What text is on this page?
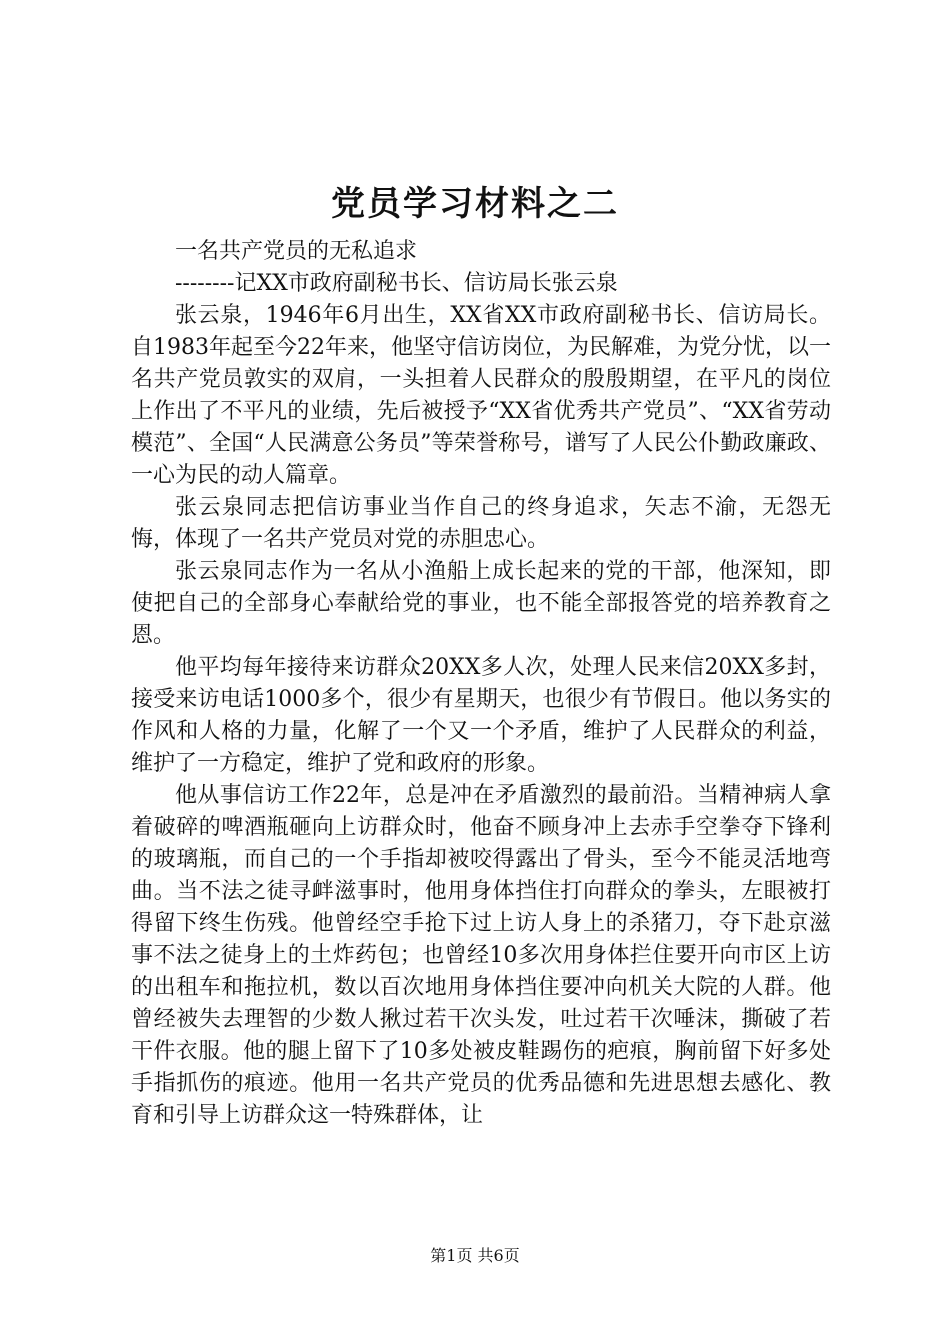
党员学习材料之二
一名共产党员的无私追求
--------记XX市政府副秘书长、信访局长张云泉

张云泉，1946年6月出生，XX省XX市政府副秘书长、信访局长。自1983年起至今22年来，他坚守信访岗位，为民解难，为党分忧，以一名共产党员敦实的双肩，一头担着人民群众的殷殷期望，在平凡的岗位上作出了不平凡的业绩，先后被授予“XX省优秀共产党员”、“XX省劳动模范”、全国“人民满意公务员”等荣誉称号，谱写了人民公仆勤政廉政、一心为民的动人篇章。

张云泉同志把信访事业当作自己的终身追求，矢志不渝，无怨无悔，体现了一名共产党员对党的赤胆忠心。

张云泉同志作为一名从小渔船上成长起来的党的干部，他深知，即使把自己的全部身心奉献给党的事业，也不能全部报答党的培养教育之恩。

他平均每年接待来访群众20XX多人次，处理人民来信20XX多封，接受来访电话1000多个，很少有星期天，也很少有节假日。他以务实的作风和人格的力量，化解了一个又一个矛盾，维护了人民群众的利益，维护了一方稳定，维护了党和政府的形象。

他从事信访工作22年，总是冲在矛盾激烈的最前沿。当精神病人拿着破碎的啤酒瓶砸向上访群众时，他奋不顾身冲上去赤手空拳夺下锋利的玻璃瓶，而自己的一个手指却被咬得露出了骨头，至今不能灵活地弯曲。当不法之徒寻衅滋事时，他用身体挡住打向群众的拳头，左眼被打得留下终生伤残。他曾经空手抢下过上访人身上的杀猪刀，夺下赴京滋事不法之徒身上的土炸药包；也曾经10多次用身体拦住要开向市区上访的出租车和拖拉机，数以百次地用身体挡住要冲向机关大院的人群。他曾经被失去理智的少数人揪过若干次头发，吐过若干次唾沫，撕破了若干件衣服。他的腿上留下了10多处被皮鞋踢伤的疤痕，胸前留下好多处手指抓伤的痕迹。他用一名共产党员的优秀品德和先进思想去感化、教育和引导上访群众这一特殊群体，让

第1页 共6页
